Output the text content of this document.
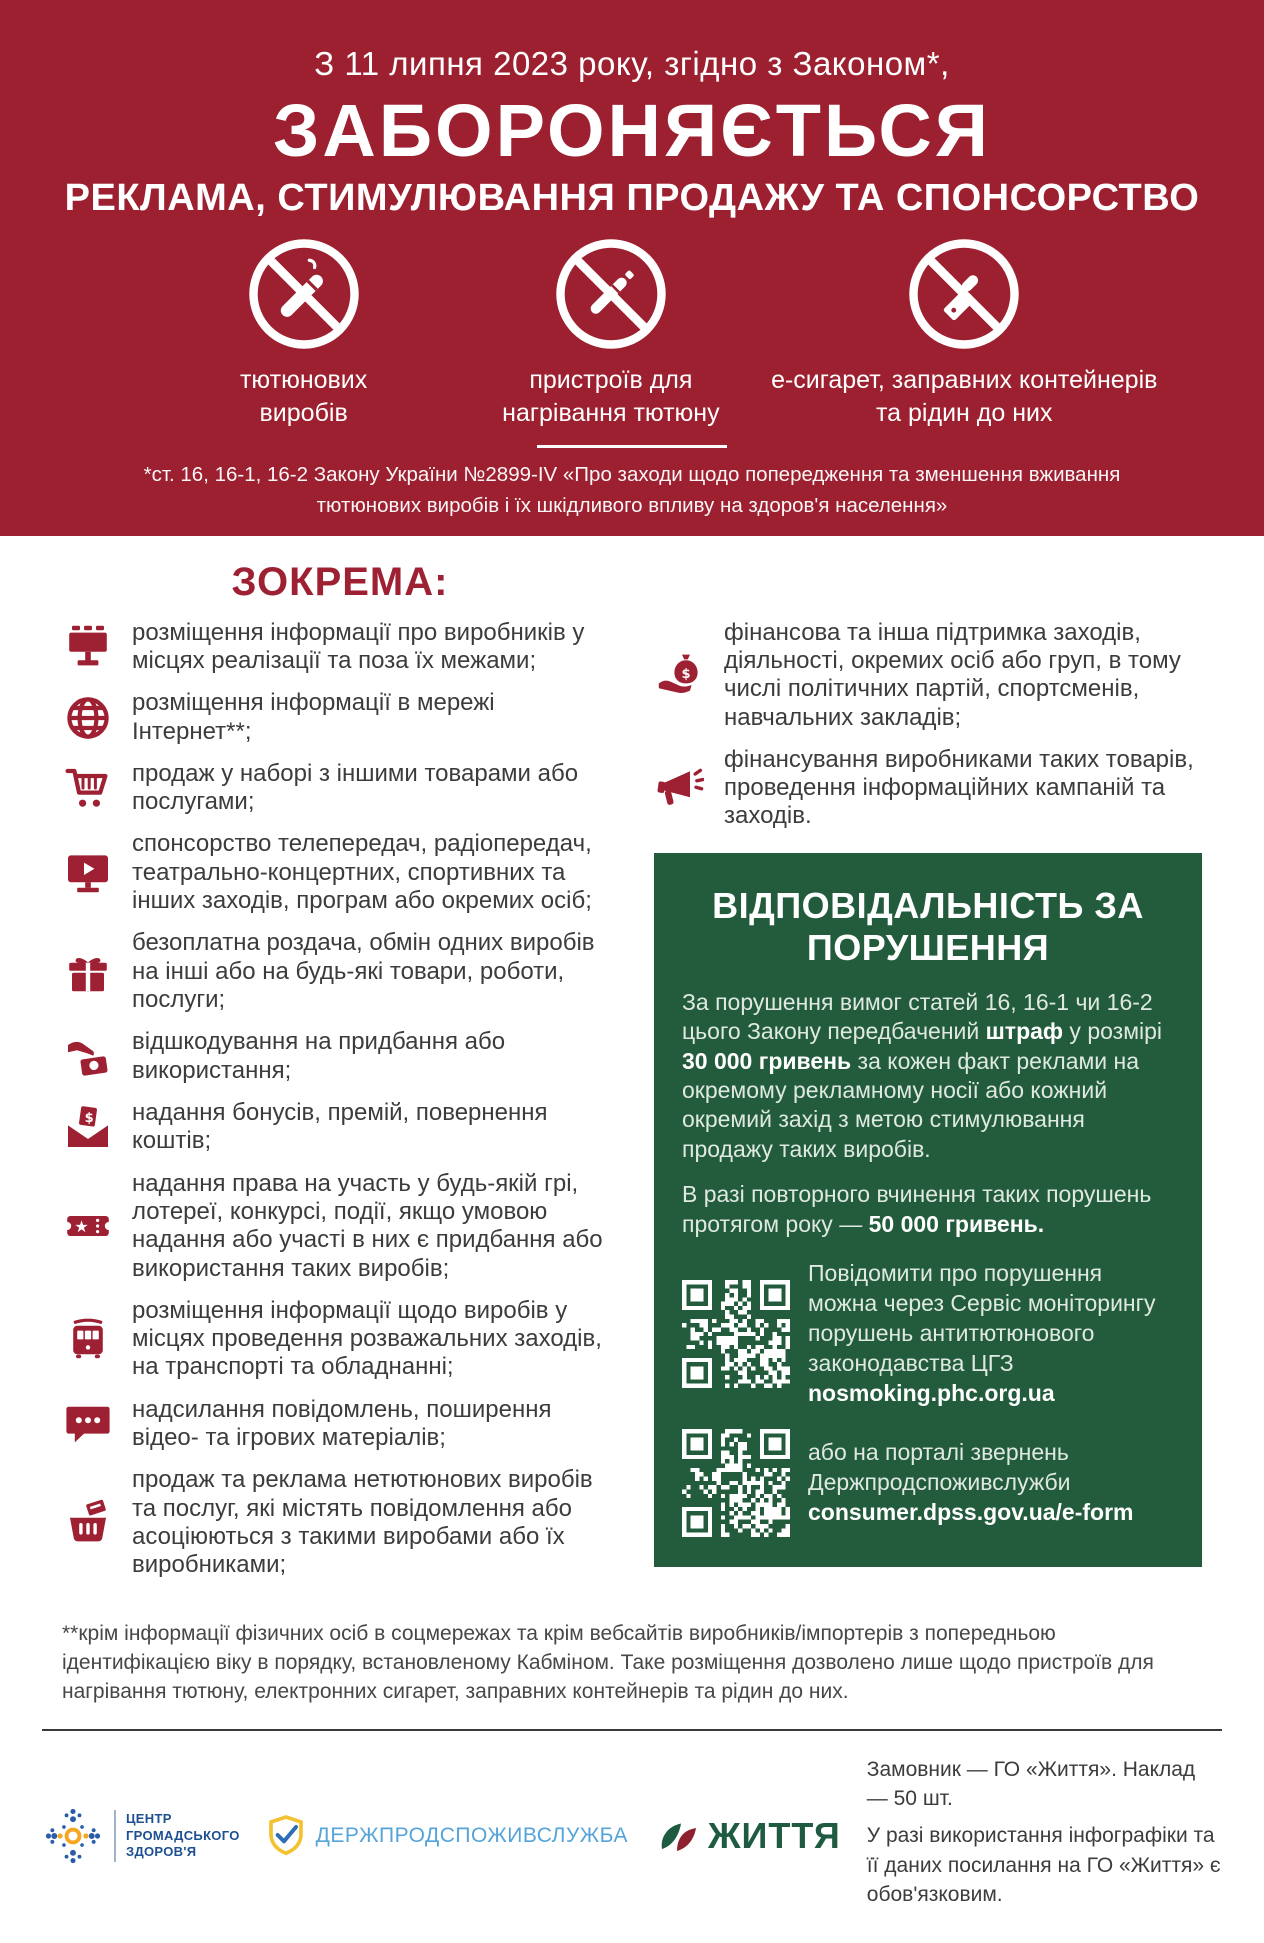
З 11 липня 2023 року, згідно з Законом*,
ЗАБОРОНЯЄТЬСЯ
РЕКЛАМА, СТИМУЛЮВАННЯ ПРОДАЖУ ТА СПОНСОРСТВО
тютюнових виробів
пристроїв для нагрівання тютюну
е-сигарет, заправних контейнерів та рідин до них

*ст. 16, 16-1, 16-2 Закону України №2899-IV «Про заходи щодо попередження та зменшення вживання тютюнових виробів і їх шкідливого впливу на здоров'я населення»

ЗОКРЕМА:
розміщення інформації про виробників у місцях реалізації та поза їх межами;
розміщення інформації в мережі Інтернет**;
продаж у наборі з іншими товарами або послугами;
спонсорство телепередач, радіопередач, театрально-концертних, спортивних та інших заходів, програм або окремих осіб;
безоплатна роздача, обмін одних виробів на інші або на будь-які товари, роботи, послуги;
відшкодування на придбання або використання;
$ надання бонусів, премій, повернення коштів;
★
надання права на участь у будь-якій грі, лотереї, конкурсі, події, якщо умовою надання або участі в них є придбання або використання таких виробів;
розміщення інформації щодо виробів у місцях проведення розважальних заходів, на транспорті та обладнанні;
надсилання повідомлень, поширення відео- та ігрових матеріалів;
продаж та реклама нетютюнових виробів та послуг, які містять повідомлення або асоціюються з такими виробами або їх виробниками;
$
фінансова та інша підтримка заходів, діяльності, окремих осіб або груп, в тому числі політичних партій, спортсменів, навчальних закладів;
фінансування виробниками таких товарів, проведення інформаційних кампаній та заходів.
ВІДПОВІДАЛЬНІСТЬ ЗА ПОРУШЕННЯ

За порушення вимог статей 16, 16-1 чи 16-2 цього Закону передбачений штраф у розмірі 30 000 гривень за кожен факт реклами на окремому рекламному носії або кожний окремий захід з метою стимулювання продажу таких виробів.

В разі повторного вчинення таких порушень протягом року — 50 000 гривень.

Повідомити про порушення можна через Сервіс моніторингу порушень антитютюнового законодавства ЦГЗ nosmoking.phc.org.ua

або на порталі звернень Держпродспоживслужби consumer.dpss.gov.ua/e-form

**крім інформації фізичних осіб в соцмережах та крім вебсайтів виробників/імпортерів з попередньою ідентифікацією віку в порядку, встановленому Кабміном. Таке розміщення дозволено лише щодо пристроїв для нагрівання тютюну, електронних сигарет, заправних контейнерів та рідин до них.

ЦЕНТР
ГРОМАДСЬКОГО
ЗДОРОВ'Я
ДЕРЖПРОДСПОЖИВСЛУЖБА ЖИТТЯ

Замовник — ГО «Життя». Наклад — 50 шт.

У разі використання інфографіки та її даних посилання на ГО «Життя» є обов'язковим.
